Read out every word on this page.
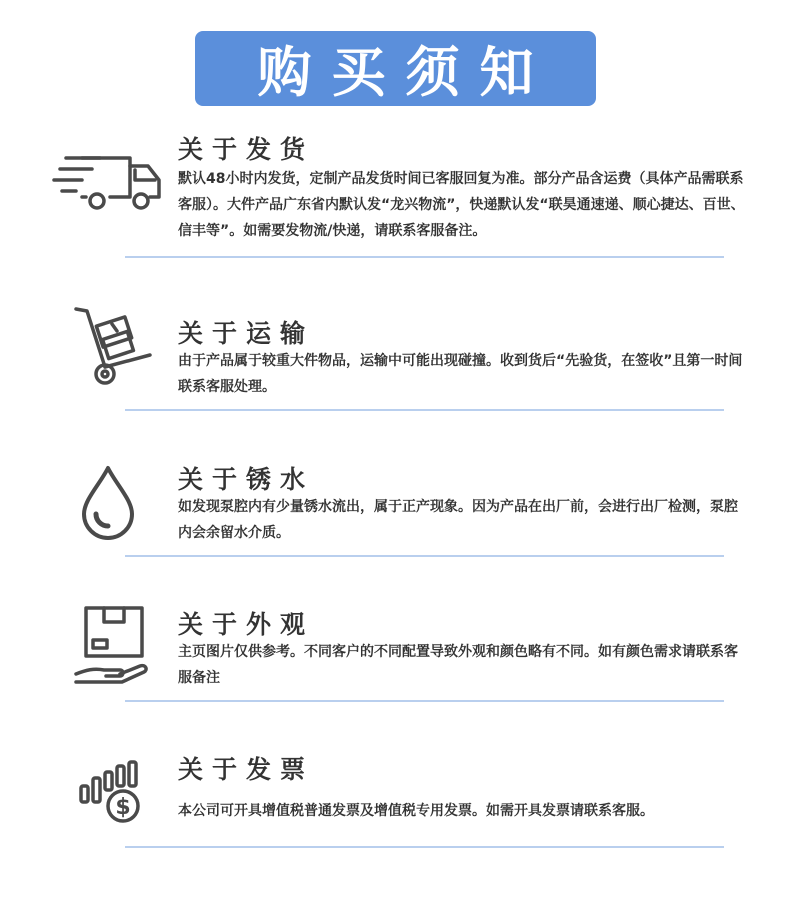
购买须知
关于发货
默认48小时内发货，定制产品发货时间已客服回复为准。部分产品含运费（具体产品需联系客服）。大件产品广东省内默认发“龙兴物流”，快递默认发“联昊通速递、顺心捷达、百世、信丰等”。如需要发物流/快递，请联系客服备注。
关于运输
由于产品属于较重大件物品，运输中可能出现碰撞。收到货后“先验货，在签收”且第一时间联系客服处理。
关于锈水
如发现泵腔内有少量锈水流出，属于正产现象。因为产品在出厂前，会进行出厂检测，泵腔内会余留水介质。
关于外观
主页图片仅供参考。不同客户的不同配置导致外观和颜色略有不同。如有颜色需求请联系客服备注
$
关于发票
本公司可开具增值税普通发票及增值税专用发票。如需开具发票请联系客服。
